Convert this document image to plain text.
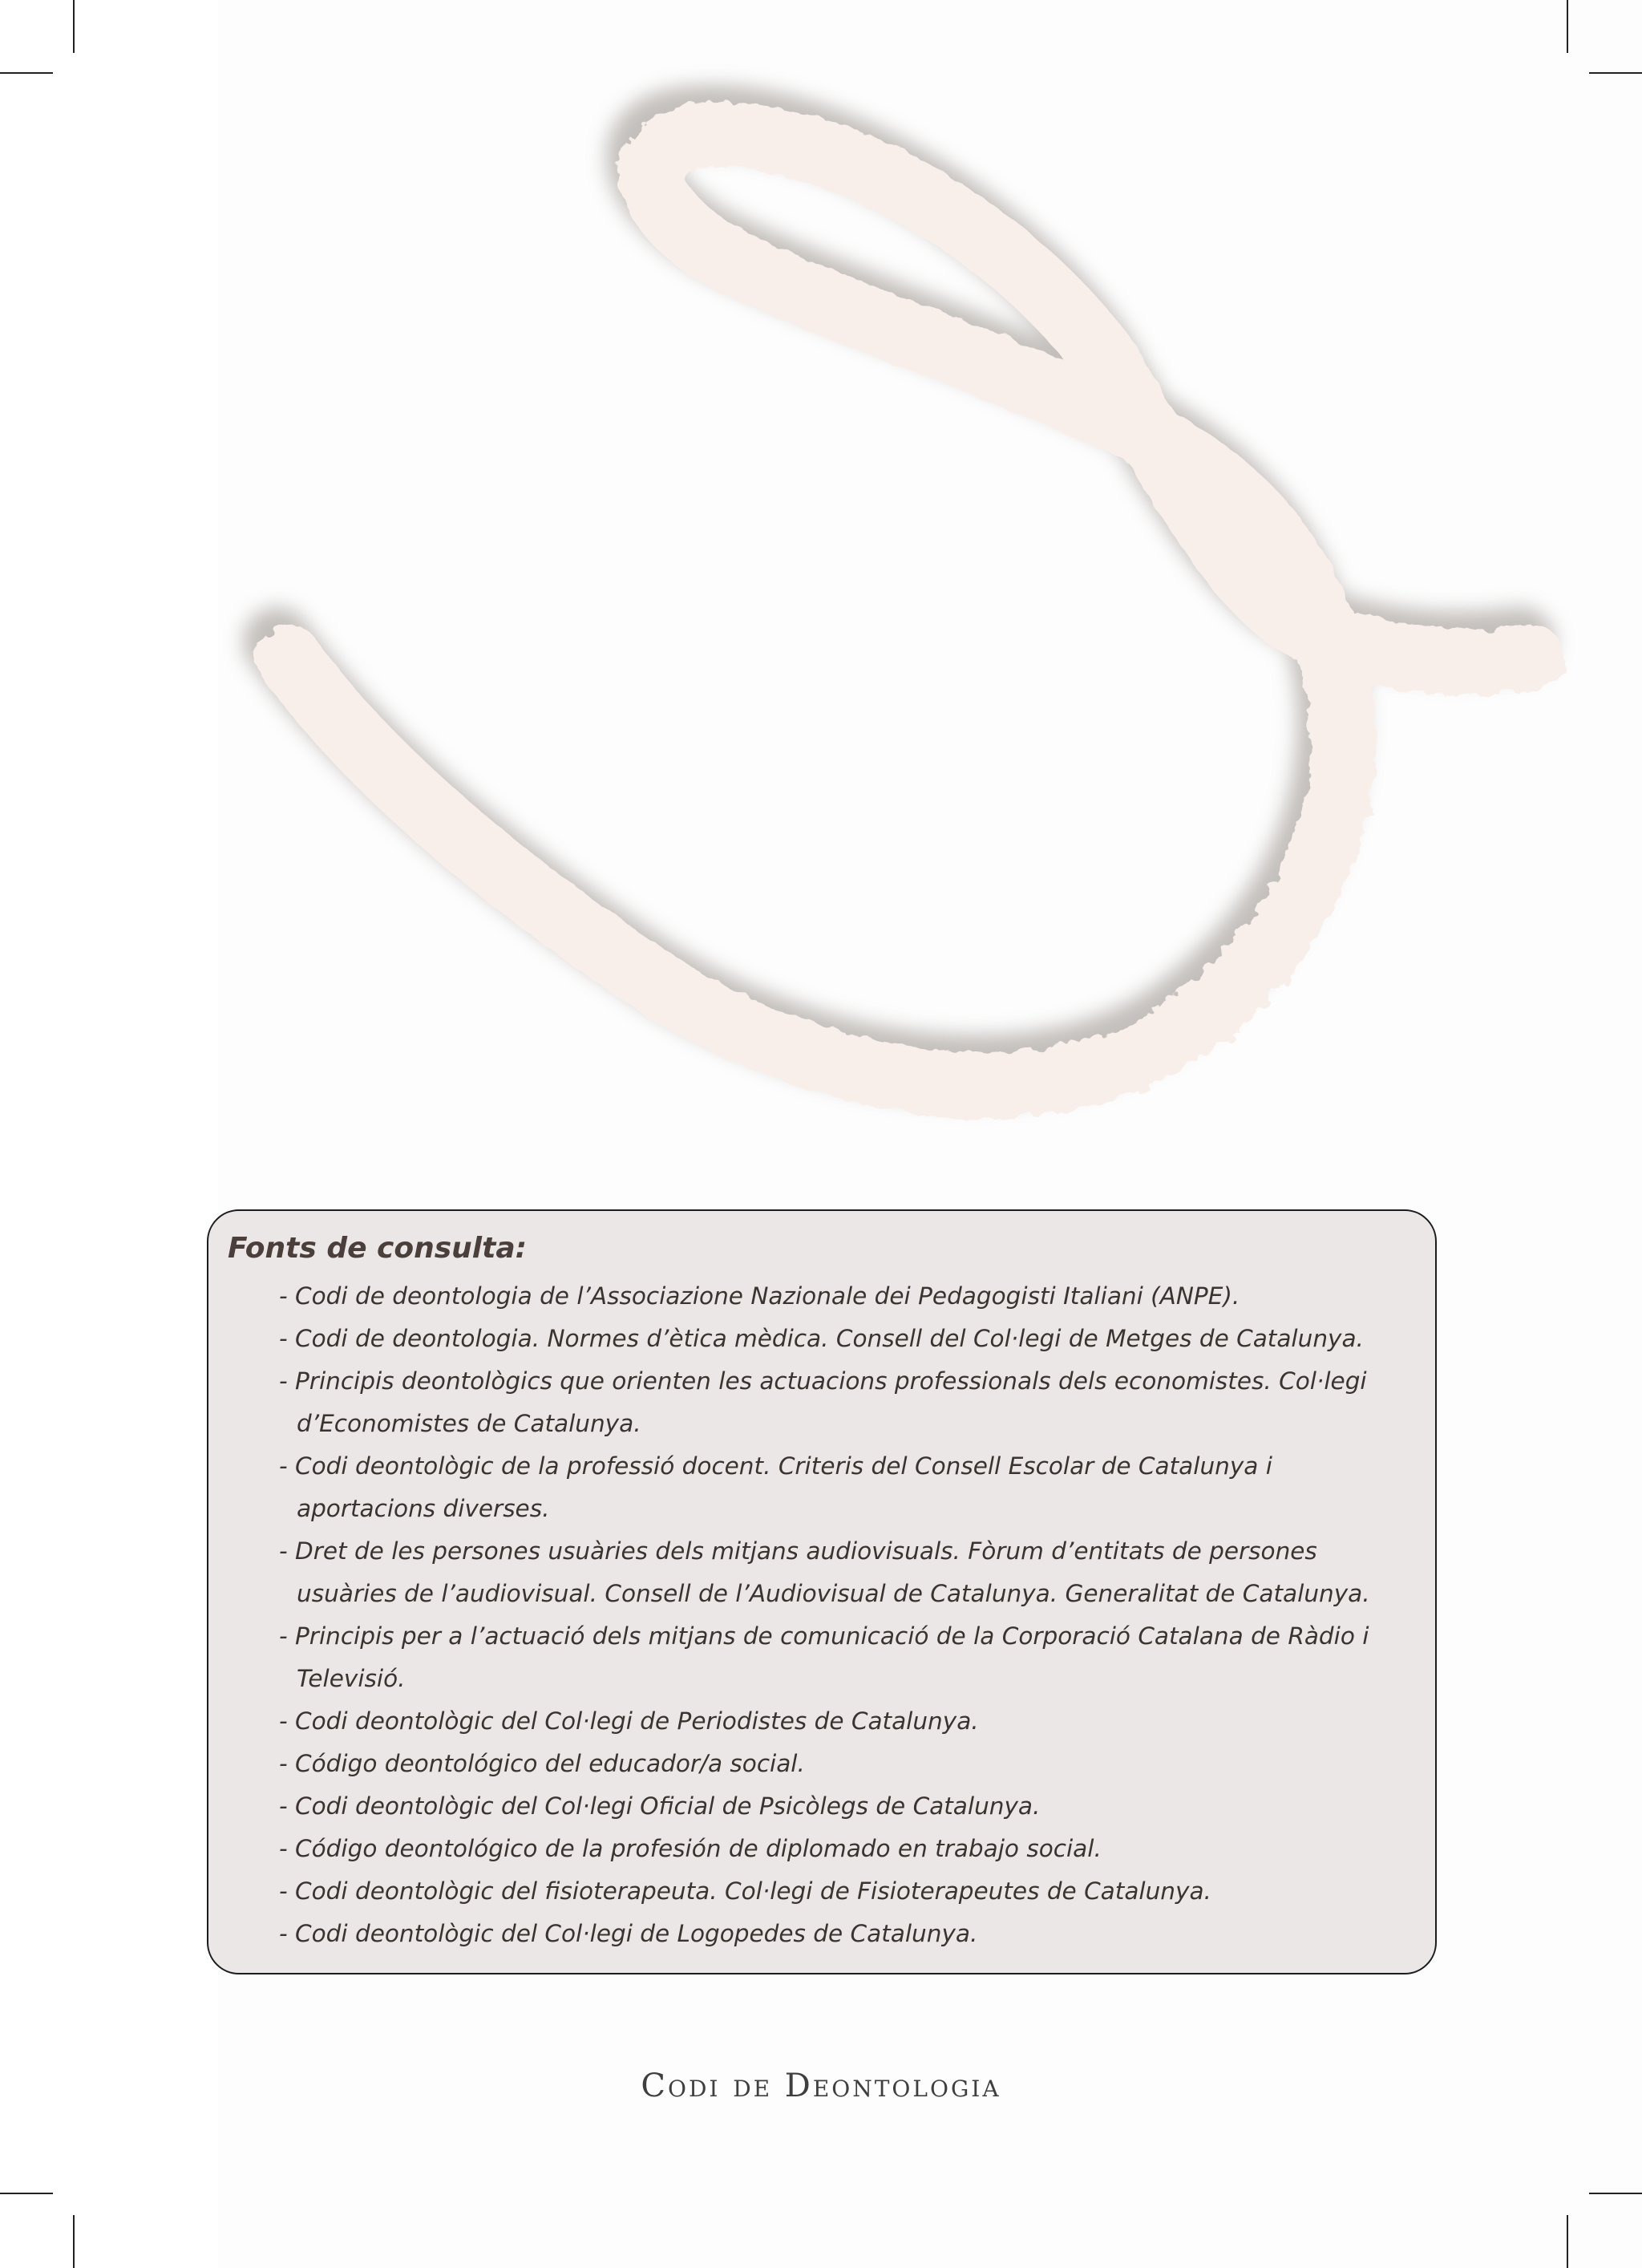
Fonts de consulta:
- Codi de deontologia de l’Associazione Nazionale dei Pedagogisti Italiani (ANPE).
- Codi de deontologia. Normes d’ètica mèdica. Consell del Col·legi de Metges de Catalunya.
- Principis deontològics que orienten les actuacions professionals dels economistes. Col·legi d’Economistes de Catalunya.
- Codi deontològic de la professió docent. Criteris del Consell Escolar de Catalunya i aportacions diverses.
- Dret de les persones usuàries dels mitjans audiovisuals. Fòrum d’entitats de persones usuàries de l’audiovisual. Consell de l’Audiovisual de Catalunya. Generalitat de Catalunya.
- Principis per a l’actuació dels mitjans de comunicació de la Corporació Catalana de Ràdio i Televisió.
- Codi deontològic del Col·legi de Periodistes de Catalunya.
- Código deontológico del educador/a social.
- Codi deontològic del Col·legi Oficial de Psicòlegs de Catalunya.
- Código deontológico de la profesión de diplomado en trabajo social.
- Codi deontològic del fisioterapeuta. Col·legi de Fisioterapeutes de Catalunya.
- Codi deontològic del Col·legi de Logopedes de Catalunya.
Codi de Deontologia
